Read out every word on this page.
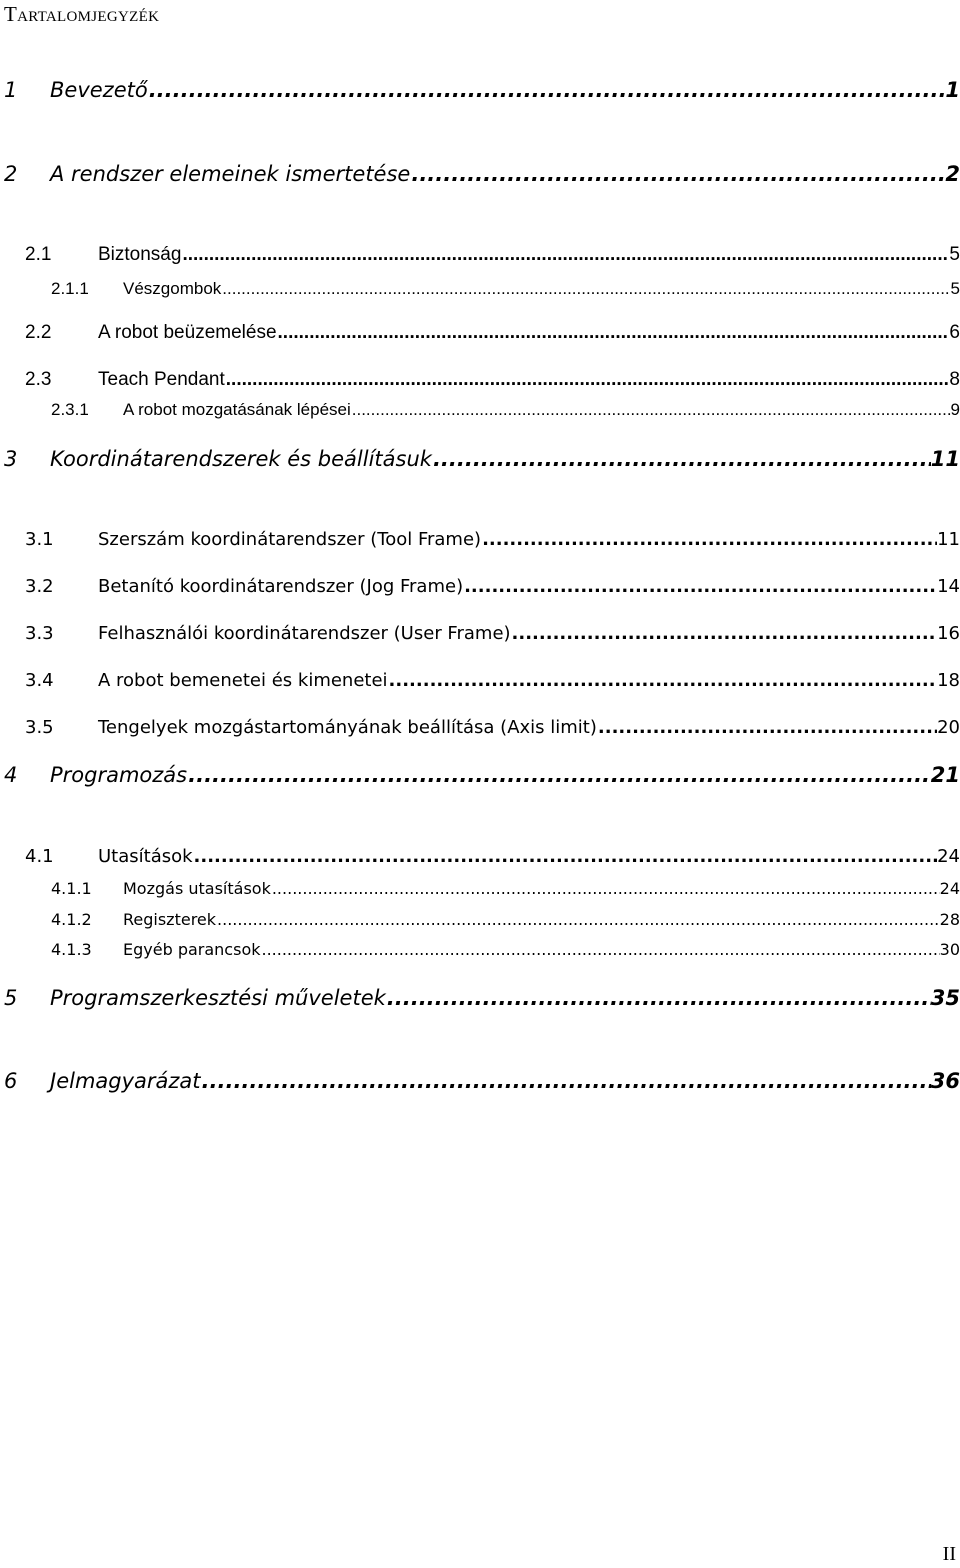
Tartalomjegyzék
1	Bevezető .....	1
2	A rendszer elemeinek ismertetése .....	2
2.1	Biztonság .....	5
2.1.1	Vészgombok .....	5
2.2	A robot beüzemelése .....	6
2.3	Teach Pendant .....	8
2.3.1	A robot mozgatásának lépései .....	9
3	Koordinátarendszerek és beállításuk .....	11
3.1	Szerszám koordinátarendszer (Tool Frame) .....	11
3.2	Betanító koordinátarendszer (Jog Frame) .....	14
3.3	Felhasználói koordinátarendszer (User Frame) .....	16
3.4	A robot bemenetei és kimenetei .....	18
3.5	Tengelyek mozgástartományának beállítása (Axis limit) .....	20
4	Programozás .....	21
4.1	Utasítások .....	24
4.1.1	Mozgás utasítások .....	24
4.1.2	Regiszterek .....	28
4.1.3	Egyéb parancsok .....	30
5	Programszerkesztési műveletek .....	35
6	Jelmagyarázat .....	36
II
